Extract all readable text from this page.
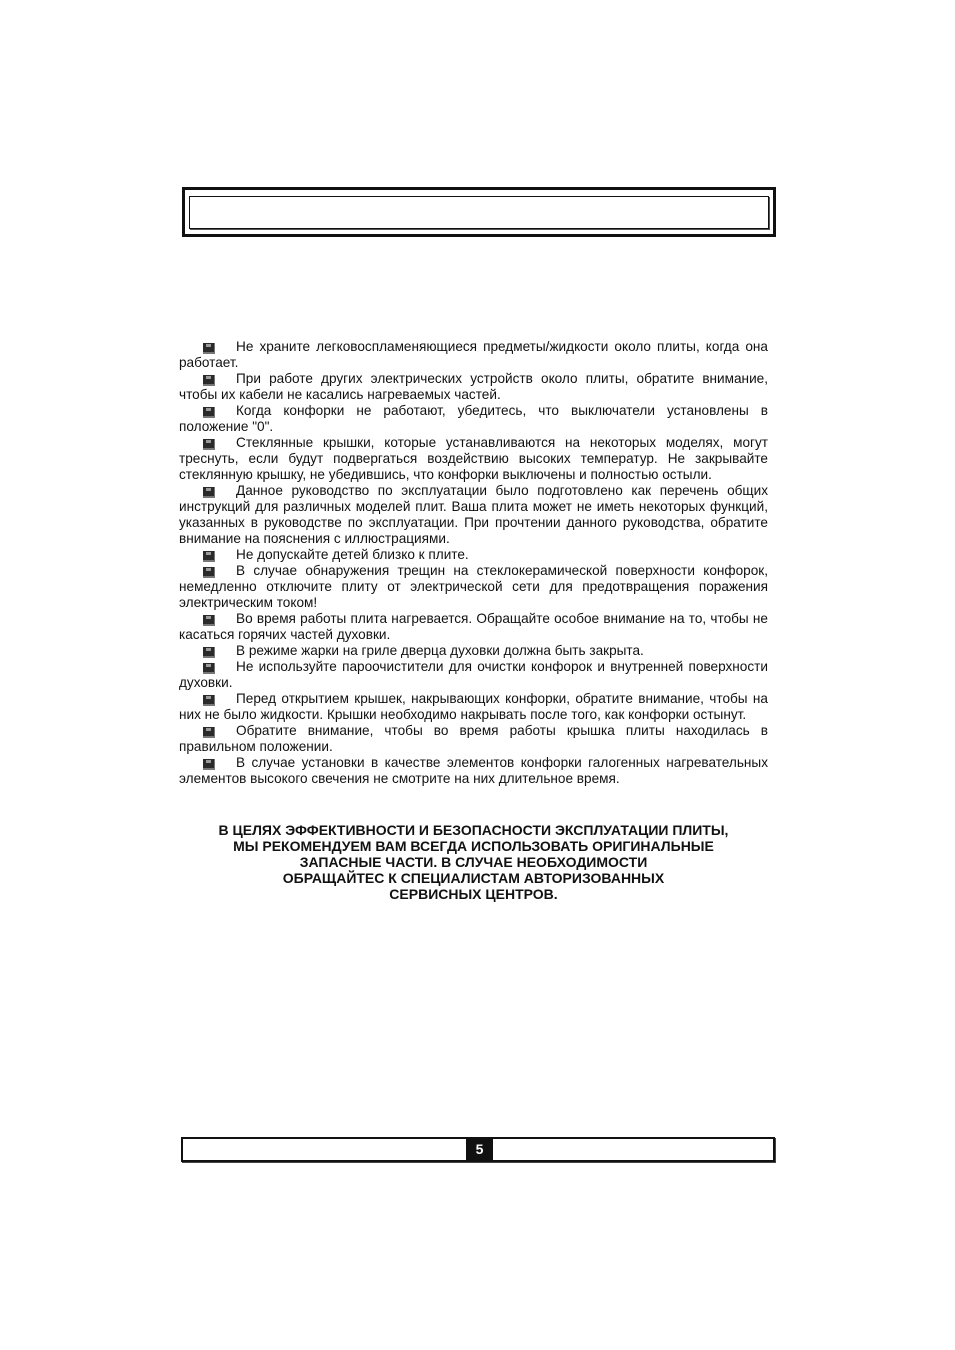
Не храните легковоспламеняющиеся предметы/жидкости около плиты, когда она работает.

При работе других электрических устройств около плиты, обратите внимание, чтобы их кабели не касались нагреваемых частей.

Когда конфорки не работают, убедитесь, что выключатели установлены в положение "0".

Стеклянные крышки, которые устанавливаются на некоторых моделях, могут треснуть, если будут подвергаться воздействию высоких температур. Не закрывайте стеклянную крышку, не убедившись, что конфорки выключены и полностью остыли.

Данное руководство по эксплуатации было подготовлено как перечень общих инструкций для различных моделей плит. Ваша плита может не иметь некоторых функций, указанных в руководстве по эксплуатации. При прочтении данного руководства, обратите внимание на пояснения с иллюстрациями.

Не допускайте детей близко к плите.

В случае обнаружения трещин на стеклокерамической поверхности конфорок, немедленно отключите плиту от электрической сети для предотвращения поражения электрическим током!

Во время работы плита нагревается. Обращайте особое внимание на то, чтобы не касаться горячих частей духовки.

В режиме жарки на гриле дверца духовки должна быть закрыта.

Не используйте пароочистители для очистки конфорок и внутренней поверхности духовки.

Перед открытием крышек, накрывающих конфорки, обратите внимание, чтобы на них не было жидкости. Крышки необходимо накрывать после того, как конфорки остынут.

Обратите внимание, чтобы во время работы крышка плиты находилась в правильном положении.

В случае установки в качестве элементов конфорки галогенных нагревательных элементов высокого свечения не смотрите на них длительное время.

В ЦЕЛЯХ ЭФФЕКТИВНОСТИ И БЕЗОПАСНОСТИ ЭКСПЛУАТАЦИИ ПЛИТЫ,
МЫ РЕКОМЕНДУЕМ ВАМ ВСЕГДА ИСПОЛЬЗОВАТЬ ОРИГИНАЛЬНЫЕ
ЗАПАСНЫЕ ЧАСТИ. В СЛУЧАЕ НЕОБХОДИМОСТИ
ОБРАЩАЙТЕС К СПЕЦИАЛИСТАМ АВТОРИЗОВАННЫХ
СЕРВИСНЫХ ЦЕНТРОВ.
5
